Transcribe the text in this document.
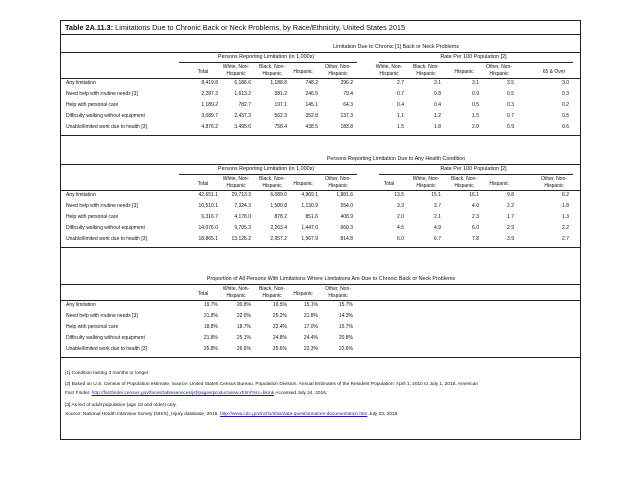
Table 2A.11.3: Limitations Due to Chronic Back or Neck Problems, by Race/Ethnicity, United States 2015
Limitation Due to Chronic [1] Back or Neck Problems
Persons Reporting Limitation (in 1,000s)	Rate Per 100 Population [2]
Total
White, Non-
Hispanic
Black, Non-
Hispanic	Hispanic
Other, Non-
Hispanic
White, Non-
Hispanic
Black, Non-
Hispanic	Hispanic
Other, Non-
Hispanic	65 & Over
Any limitation	8,419.8	6,186.6	1,188.8	748.2	296.2	2.7	3.1	3.1	3.5	3.0
Need help with routine needs [3]	2,287.3	1,613.2	381.2	246.5	79.4	0.7	0.8	0.9	0.5	0.3
Help with personal care	1,189.2	782.7	197.1	145.1	64.3	0.4	0.4	0.5	0.3	0.2
Difficulty walking without equipment	3,089.7	2,437.3	562.3	352.8	137.3	1.1	1.2	1.5	0.7	0.5
Unable/limited work due to health [3]	4,876.2	3,495.6	758.4	438.5	183.8	1.5	1.8	2.0	0.9	0.6
Persons Reporting Limitation Due to Any Health Condition
Persons Reporting Limitation (in 1,000s)	Rate Per 100 Population [2]
Total
White, Non-
Hispanic
Black, Non-
Hispanic	Hispanic
Other, Non-
Hispanic	Total
White, Non-
Hispanic
Black, Non-
Hispanic	Hispanic
Other, Non-
Hispanic
Any limitation	42,651.1	29,713.3	6,089.0	4,969.1	1,881.6	13.5	15.1	16.1	9.8	6.2
Need help with routine needs [3]	10,510.1	7,324.3	1,500.8	1,130.9	554.0	3.3	3.7	4.0	2.2	1.8
Help with personal care	6,316.7	4,178.0	878.2	851.6	408.9	2.0	2.1	2.3	1.7	1.3
Difficulty walking without equipment	14,076.0	9,705.3	2,263.4	1,447.0	660.3	4.5	4.9	6.0	2.9	2.2
Unable/limited work due to health [3]	18,865.1	13,125.2	2,957.2	1,967.9	814.8	6.0	6.7	7.8	3.9	2.7
Proportion of All Persons With Limitations Where Limitations Are Due to Chronic Back or Neck Problems
Total
White, Non-
Hispanic
Black, Non-
Hispanic	Hispanic
Other, Non-
Hispanic
Any limitation	19.7%	20.8%	19.5%	15.1%	15.7%
Need help with routine needs [3]	21.8%	22.0%	25.2%	21.8%	14.3%
Help with personal care	18.8%	18.7%	22.4%	17.0%	15.7%
Difficulty walking without equipment	21.8%	25.1%	24.8%	24.4%	20.8%
Unable/limited work due to health [3]	25.8%	26.6%	25.6%	22.3%	22.6%
[1] Condition lasting 3 months or longer.
[2] Based on U.S. Census of Population estimate. Source: United States Census Bureau, Population Division. Annual Estimates of the Resident Population: April 1, 2010 to July 1, 2015. American
Fact Finder. http://factfinder.census.gov/faces/tableservices/jsf/pages/productview.xhtml?src=bkmk Accessed July 24, 2016.
[3] As led of adult population (age 18 and older) only.
Source: National Health Interview Survey (NHIS)_Injury database, 2015. http://www.cdc.gov/nchs/nhis/data-questionnaires-documentation.htm July 23, 2016.
